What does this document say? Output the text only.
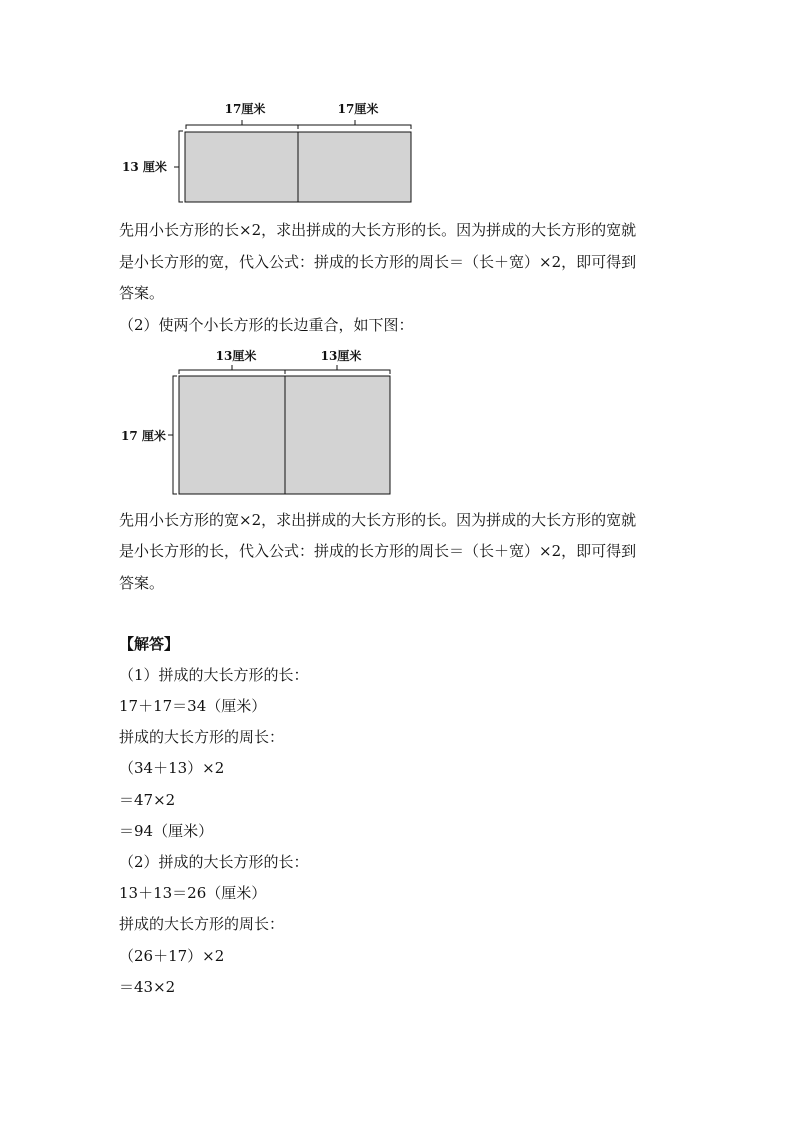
17厘米	17厘米
13 厘米
先用小长方形的长×2，求出拼成的大长方形的长。因为拼成的大长方形的宽就
是小长方形的宽，代入公式：拼成的长方形的周长＝（长＋宽）×2，即可得到
答案。
（2）使两个小长方形的长边重合，如下图：
13厘米	13厘米
17 厘米
先用小长方形的宽×2，求出拼成的大长方形的长。因为拼成的大长方形的宽就
是小长方形的长，代入公式：拼成的长方形的周长＝（长＋宽）×2，即可得到
答案。
【解答】
（1）拼成的大长方形的长：
17＋17＝34（厘米）
拼成的大长方形的周长：
（34＋13）×2
＝47×2
＝94（厘米）
（2）拼成的大长方形的长：
13＋13＝26（厘米）
拼成的大长方形的周长：
（26＋17）×2
＝43×2
